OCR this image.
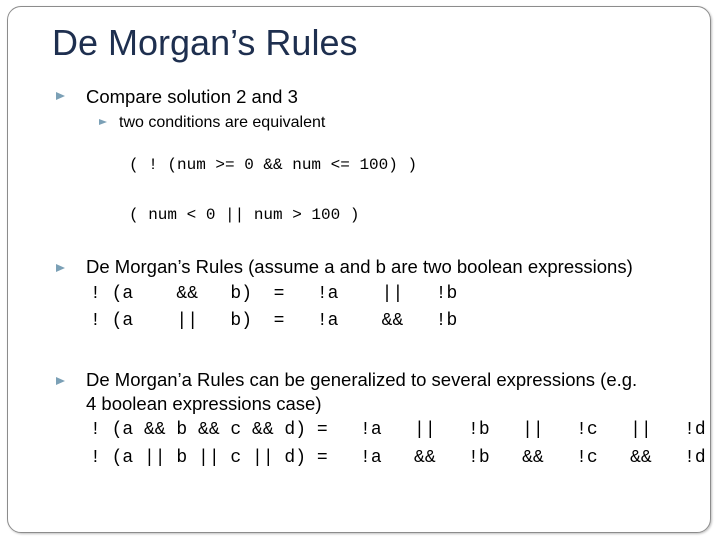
De Morgan’s Rules
Compare solution 2 and 3
two conditions are equivalent
( ! (num >= 0 && num <= 100) )
( num < 0 || num > 100 )
De Morgan’s Rules (assume a and b are two boolean expressions)
! (a    &&   b)  =   !a    ||   !b
! (a    ||   b)  =   !a    &&   !b
De Morgan’a Rules can be generalized to several expressions (e.g.
4 boolean expressions case)
! (a && b && c && d) =   !a   ||   !b   ||   !c   ||   !d
! (a || b || c || d) =   !a   &&   !b   &&   !c   &&   !d
